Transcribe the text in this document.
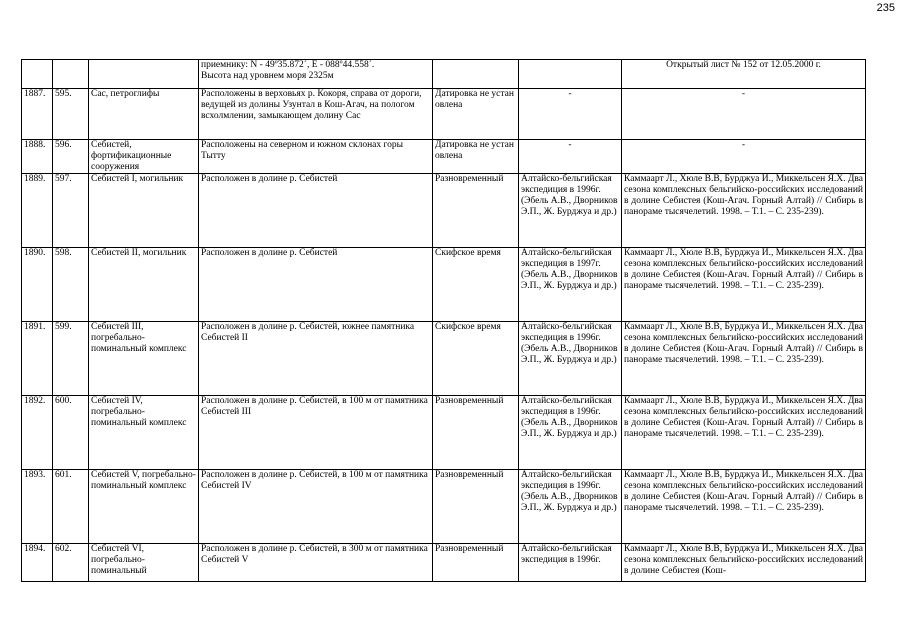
235

			приемнику: N - 49º35.872´, E - 088º44.558´.
Высота над уровнем моря 2325м			Открытый лист № 152 от 12.05.2000 г.
1887.	595.	Сас, петроглифы	Расположены в верховьях р. Кокоря, справа от дороги, ведущей из долины Узунтал в Кош-Агач, на пологом всхолмлении, замыкающем долину Сас	Датировка не установлена	-	-
1888.	596.	Себистей, фортификационные сооружения	Расположены на северном и южном склонах горы Тытту	Датировка не установлена	-	-
1889.	597.	Себистей I, могильник	Расположен в долине р. Себистей	Разновременный	Алтайско-бельгийская экспедиция в 1996г. (Эбель А.В., Дворников Э.П., Ж. Бурджуа и др.)	Каммаарт Л., Хюле В.В, Бурджуа И., Миккельсен Я.Х. Два сезона комплексных бельгийско-российских исследований в долине Себистея (Кош-Агач. Горный Алтай) // Сибирь в панораме тысячелетий. 1998. – Т.1. – С. 235-239).
1890.	598.	Себистей II, могильник	Расположен в долине р. Себистей	Скифское время	Алтайско-бельгийская экспедиция в 1997г. (Эбель А.В., Дворников Э.П., Ж. Бурджуа и др.)	Каммаарт Л., Хюле В.В, Бурджуа И., Миккельсен Я.Х. Два сезона комплексных бельгийско-российских исследований в долине Себистея (Кош-Агач. Горный Алтай) // Сибирь в панораме тысячелетий. 1998. – Т.1. – С. 235-239).
1891.	599.	Себистей III, погребально-поминальный комплекс	Расположен в долине р. Себистей, южнее памятника Себистей II	Скифское время	Алтайско-бельгийская экспедиция в 1996г. (Эбель А.В., Дворников Э.П., Ж. Бурджуа и др.)	Каммаарт Л., Хюле В.В, Бурджуа И., Миккельсен Я.Х. Два сезона комплексных бельгийско-российских исследований в долине Себистея (Кош-Агач. Горный Алтай) // Сибирь в панораме тысячелетий. 1998. – Т.1. – С. 235-239).
1892.	600.	Себистей IV, погребально-поминальный комплекс	Расположен в долине р. Себистей, в 100 м от памятника Себистей III	Разновременный	Алтайско-бельгийская экспедиция в 1996г. (Эбель А.В., Дворников Э.П., Ж. Бурджуа и др.)	Каммаарт Л., Хюле В.В, Бурджуа И., Миккельсен Я.Х. Два сезона комплексных бельгийско-российских исследований в долине Себистея (Кош-Агач. Горный Алтай) // Сибирь в панораме тысячелетий. 1998. – Т.1. – С. 235-239).
1893.	601.	Себистей V, погребально-поминальный комплекс	Расположен в долине р. Себистей, в 100 м от памятника Себистей IV	Разновременный	Алтайско-бельгийская экспедиция в 1996г. (Эбель А.В., Дворников Э.П., Ж. Бурджуа и др.)	Каммаарт Л., Хюле В.В, Бурджуа И., Миккельсен Я.Х. Два сезона комплексных бельгийско-российских исследований в долине Себистея (Кош-Агач. Горный Алтай) // Сибирь в панораме тысячелетий. 1998. – Т.1. – С. 235-239).
1894.	602.	Себистей VI, погребально-поминальный	Расположен в долине р. Себистей, в 300 м от памятника Себистей V	Разновременный	Алтайско-бельгийская экспедиция в 1996г.	Каммаарт Л., Хюле В.В, Бурджуа И., Миккельсен Я.Х. Два сезона комплексных бельгийско-российских исследований в долине Себистея (Кош-
